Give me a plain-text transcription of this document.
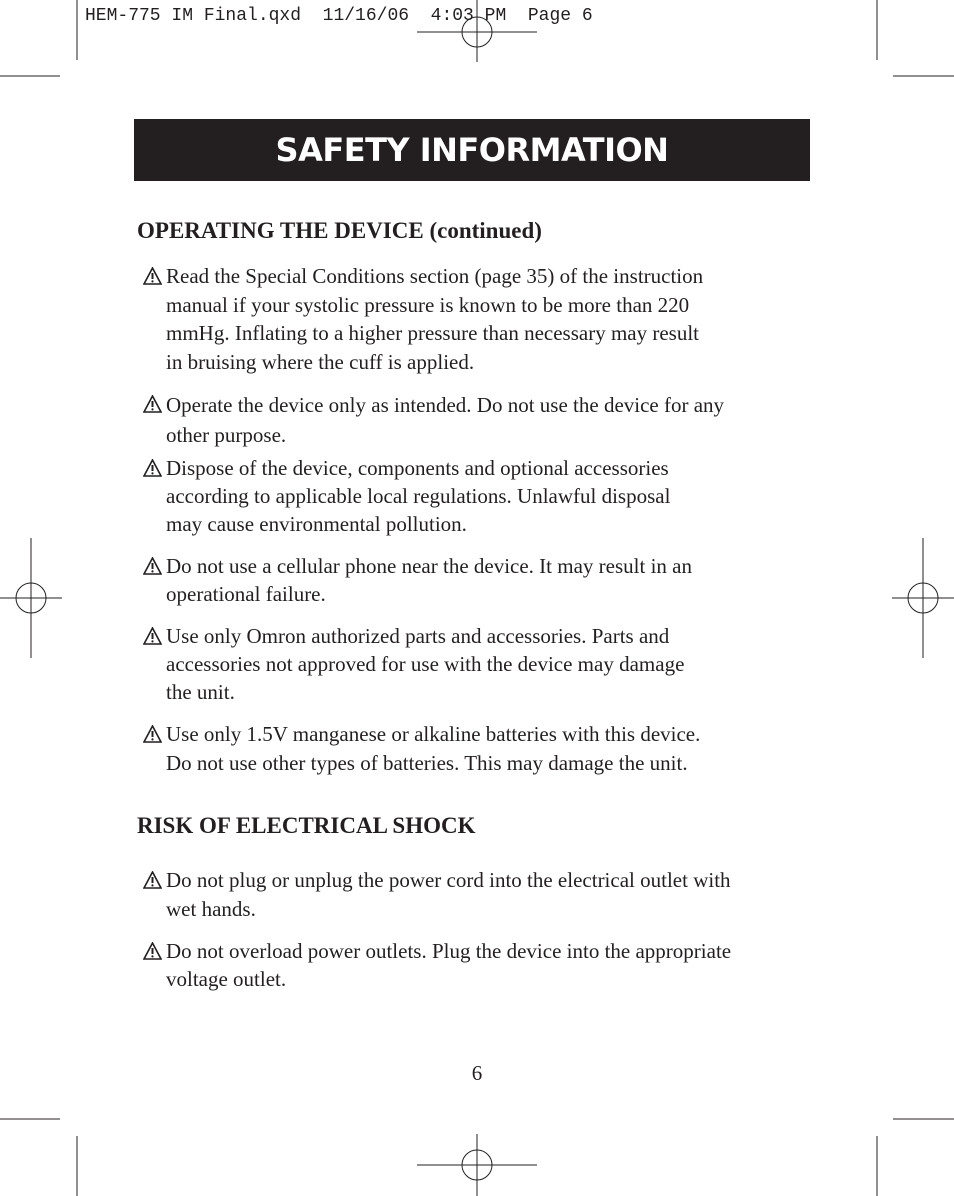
HEM-775 IM Final.qxd  11/16/06  4:03 PM  Page 6
SAFETY INFORMATION
OPERATING THE DEVICE (continued)
Read the Special Conditions section (page 35) of the instruction
manual if your systolic pressure is known to be more than 220
mmHg. Inflating to a higher pressure than necessary may result
in bruising where the cuff is applied.
Operate the device only as intended. Do not use the device for any
other purpose.
Dispose of the device, components and optional accessories
according to applicable local regulations. Unlawful disposal
may cause environmental pollution.
Do not use a cellular phone near the device. It may result in an
operational failure.
Use only Omron authorized parts and accessories. Parts and
accessories not approved for use with the device may damage
the unit.
Use only 1.5V manganese or alkaline batteries with this device.
Do not use other types of batteries. This may damage the unit.
RISK OF ELECTRICAL SHOCK
Do not plug or unplug the power cord into the electrical outlet with
wet hands.
Do not overload power outlets. Plug the device into the appropriate
voltage outlet.
6
